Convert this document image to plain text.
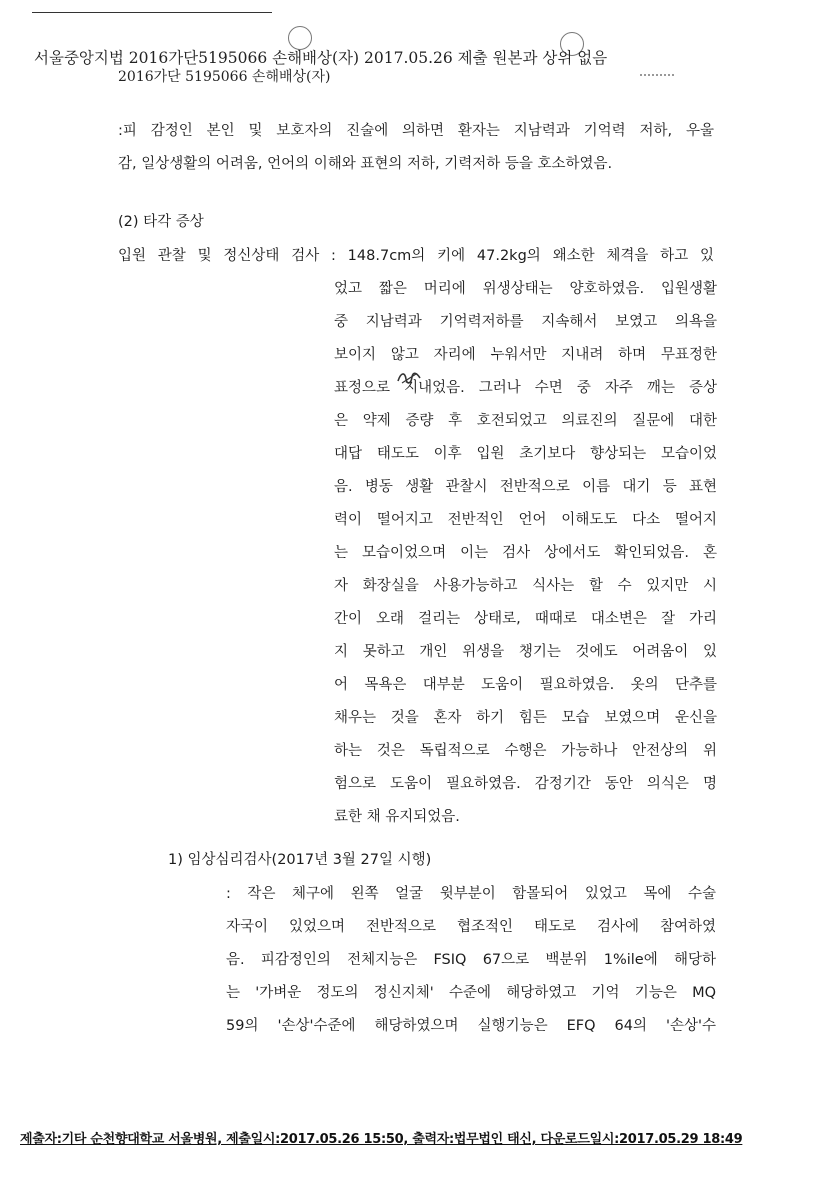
서울중앙지법 2016가단5195066 손해배상(자) 2017.05.26 제출 원본과 상위 없음
2016가단 5195066 손해배상(자)
:피 감정인 본인 및 보호자의 진술에 의하면 환자는 지남력과 기억력 저하, 우울
감, 일상생활의 어려움, 언어의 이해와 표현의 저하, 기력저하 등을 호소하였음.
(2) 타각 증상
입원 관찰 및 정신상태 검사 : 148.7cm의 키에 47.2kg의 왜소한 체격을 하고 있
었고 짧은 머리에 위생상태는 양호하였음. 입원생활
중 지남력과 기억력저하를 지속해서 보였고 의욕을
보이지 않고 자리에 누워서만 지내려 하며 무표정한
표정으로 지내었음. 그러나 수면 중 자주 깨는 증상
은 약제 증량 후 호전되었고 의료진의 질문에 대한
대답 태도도 이후 입원 초기보다 향상되는 모습이었
음. 병동 생활 관찰시 전반적으로 이름 대기 등 표현
력이 떨어지고 전반적인 언어 이해도도 다소 떨어지
는 모습이었으며 이는 검사 상에서도 확인되었음. 혼
자 화장실을 사용가능하고 식사는 할 수 있지만 시
간이 오래 걸리는 상태로, 때때로 대소변은 잘 가리
지 못하고 개인 위생을 챙기는 것에도 어려움이 있
어 목욕은 대부분 도움이 필요하였음. 옷의 단추를
채우는 것을 혼자 하기 힘든 모습 보였으며 운신을
하는 것은 독립적으로 수행은 가능하나 안전상의 위
험으로 도움이 필요하였음. 감정기간 동안 의식은 명
료한 채 유지되었음.
1) 임상심리검사(2017년 3월 27일 시행)
: 작은 체구에 왼쪽 얼굴 윗부분이 함몰되어 있었고 목에 수술
자국이 있었으며 전반적으로 협조적인 태도로 검사에 참여하였
음. 피감정인의 전체지능은 FSIQ 67으로 백분위 1%ile에 해당하
는 '가벼운 정도의 정신지체' 수준에 해당하였고 기억 기능은 MQ
59의 '손상'수준에 해당하였으며 실행기능은 EFQ 64의 '손상'수
제출자:기타 순천향대학교 서울병원, 제출일시:2017.05.26 15:50, 출력자:법무법인 태신, 다운로드일시:2017.05.29 18:49
